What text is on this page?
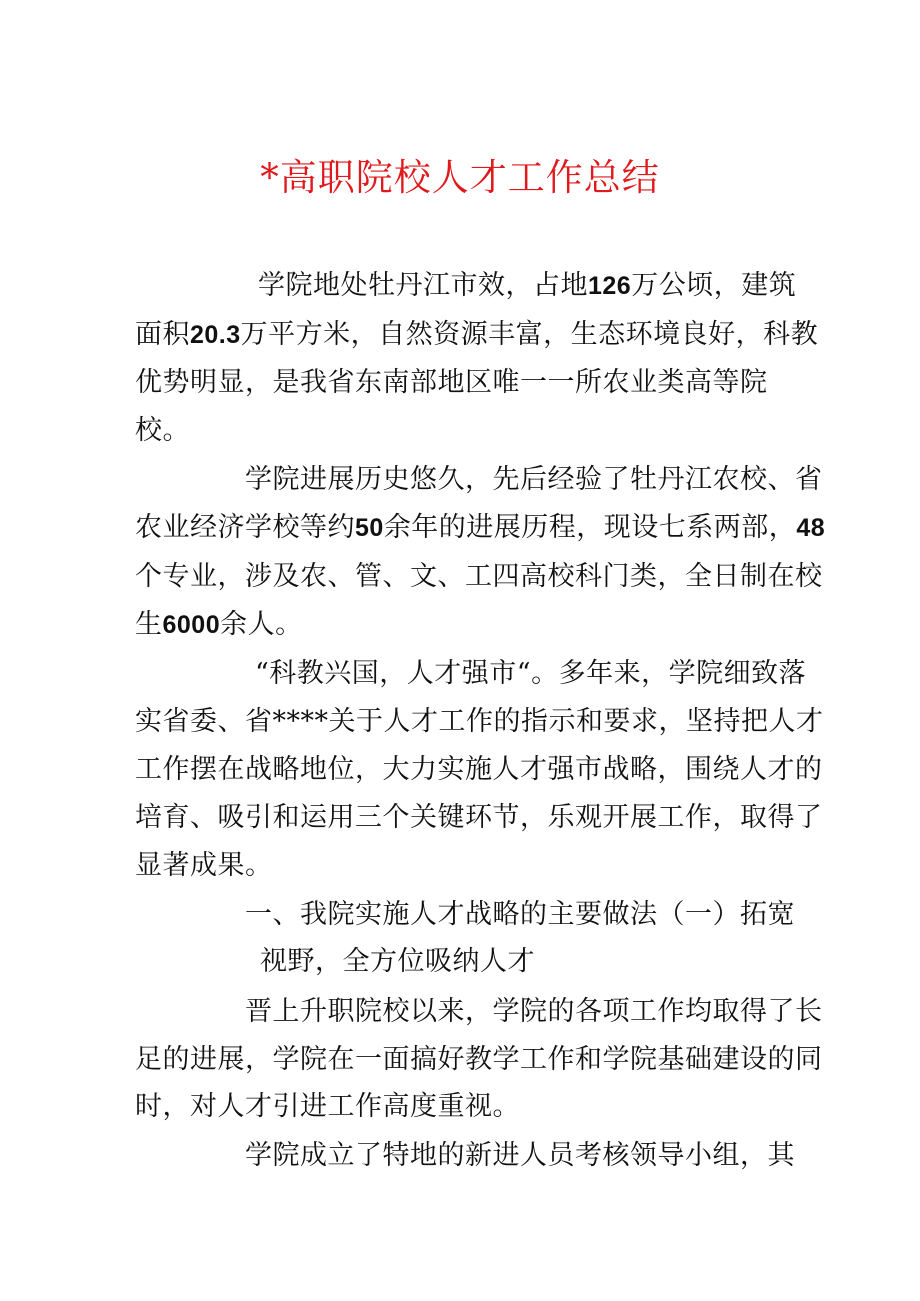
*高职院校人才工作总结
学院地处牡丹江市效，占地126万公顷，建筑
面积20.3万平方米，自然资源丰富，生态环境良好，科教
优势明显，是我省东南部地区唯一一所农业类高等院
校。
学院进展历史悠久，先后经验了牡丹江农校、省
农业经济学校等约50余年的进展历程，现设七系两部，48
个专业，涉及农、管、文、工四高校科门类，全日制在校
生6000余人。
“科教兴国，人才强市“。多年来，学院细致落
实省委、省****关于人才工作的指示和要求，坚持把人才
工作摆在战略地位，大力实施人才强市战略，围绕人才的
培育、吸引和运用三个关键环节，乐观开展工作，取得了
显著成果。
一、我院实施人才战略的主要做法（一）拓宽
视野，全方位吸纳人才
晋上升职院校以来，学院的各项工作均取得了长
足的进展，学院在一面搞好教学工作和学院基础建设的同
时，对人才引进工作高度重视。
学院成立了特地的新进人员考核领导小组，其
